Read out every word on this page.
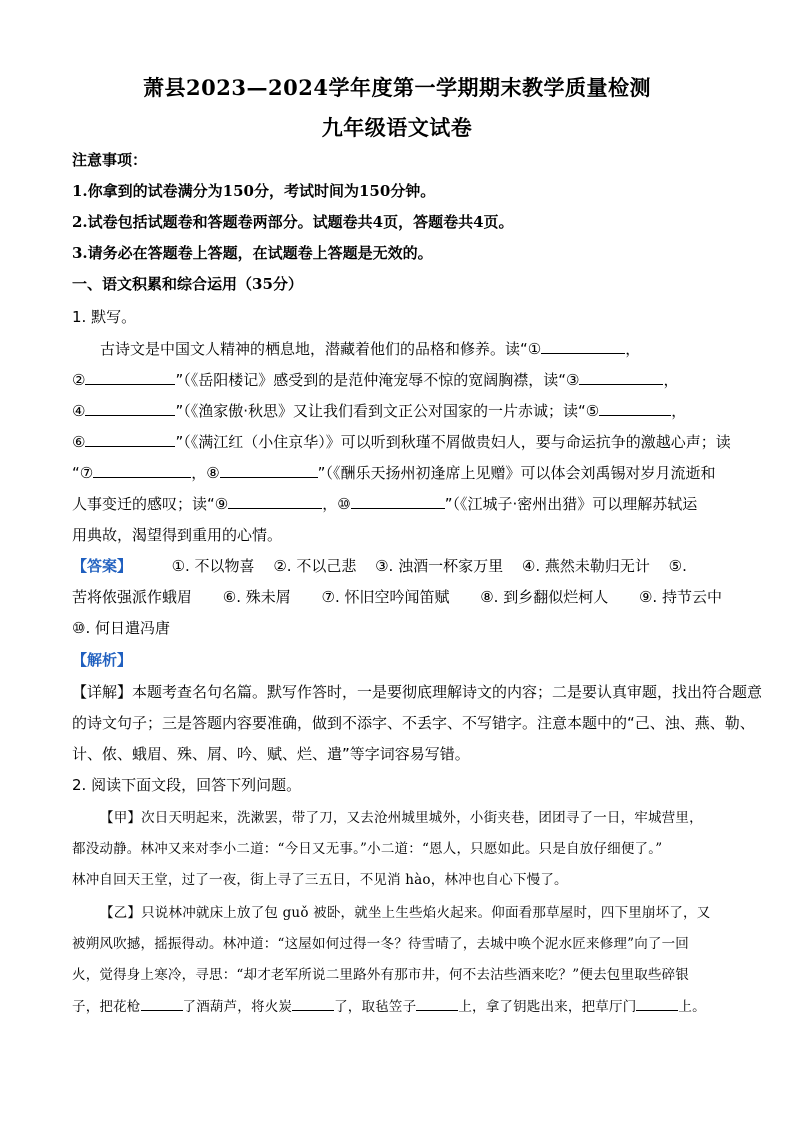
萧县2023—2024学年度第一学期期末教学质量检测
九年级语文试卷
注意事项：
1.你拿到的试卷满分为150分，考试时间为150分钟。
2.试卷包括试题卷和答题卷两部分。试题卷共4页，答题卷共4页。
3.请务必在答题卷上答题，在试题卷上答题是无效的。
一、语文积累和综合运用（35分）
1. 默写。
古诗文是中国文人精神的栖息地，潜藏着他们的品格和修养。读“①	，
②	”（《岳阳楼记》感受到的是范仲淹宠辱不惊的宽阔胸襟，读“③	，
④	”（《渔家傲·秋思》又让我们看到文正公对国家的一片赤诚；读“⑤	，
⑥	”（《满江红（小住京华）》可以听到秋瑾不屑做贵妇人，要与命运抗争的激越心声；读
“⑦	，⑧	”（《酬乐天扬州初逢席上见赠》可以体会刘禹锡对岁月流逝和
人事变迁的感叹；读“⑨	，⑩	”（《江城子·密州出猎》可以理解苏轼运
用典故，渴望得到重用的心情。
【答案】	①. 不以物喜 ②. 不以己悲 ③. 浊酒一杯家万里 ④. 燕然未勒归无计 ⑤.
苦将侬强派作蛾眉 ⑥. 殊未屑 ⑦. 怀旧空吟闻笛赋 ⑧. 到乡翻似烂柯人 ⑨. 持节云中
⑩. 何日遣冯唐
【解析】
【详解】本题考查名句名篇。默写作答时，一是要彻底理解诗文的内容；二是要认真审题，找出符合题意
的诗文句子；三是答题内容要准确，做到不添字、不丢字、不写错字。注意本题中的“己、浊、燕、勒、
计、侬、蛾眉、殊、屑、吟、赋、烂、遣”等字词容易写错。
2. 阅读下面文段，回答下列问题。
【甲】次日天明起来，洗漱罢，带了刀，又去沧州城里城外，小街夹巷，团团寻了一日，牢城营里，
都没动静。林冲又来对李小二道：“今日又无事。”小二道：“恩人，只愿如此。只是自放仔细便了。”
林冲自回天王堂，过了一夜，街上寻了三五日，不见消 hào，林冲也自心下慢了。
【乙】只说林冲就床上放了包 guǒ 被卧，就坐上生些焰火起来。仰面看那草屋时，四下里崩坏了，又
被朔风吹撼，摇振得动。林冲道：“这屋如何过得一冬？待雪晴了，去城中唤个泥水匠来修理”向了一回
火，觉得身上寒冷，寻思：“却才老军所说二里路外有那市井，何不去沽些酒来吃？”便去包里取些碎银
子，把花枪	了酒葫芦，将火炭	了，取毡笠子	上，拿了钥匙出来，把草厅门	上。
